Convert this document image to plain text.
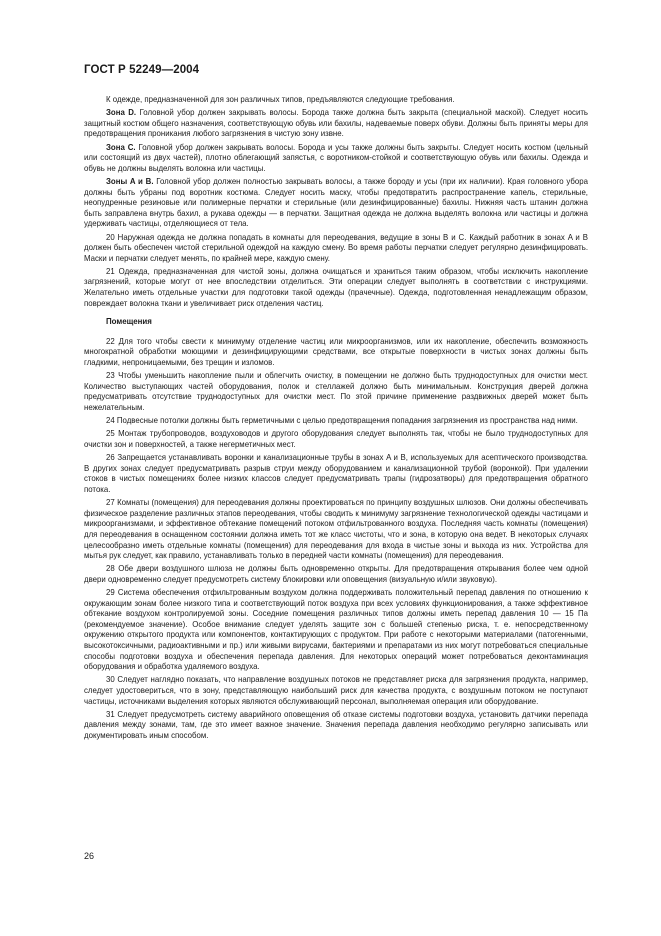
ГОСТ Р 52249—2004

К одежде, предназначенной для зон различных типов, предъявляются следующие требования.

Зона D. Головной убор должен закрывать волосы. Борода также должна быть закрыта (специальной маской). Следует носить защитный костюм общего назначения, соответствующую обувь или бахилы, надеваемые поверх обуви. Должны быть приняты меры для предотвращения проникания любого загрязнения в чистую зону извне.

Зона C. Головной убор должен закрывать волосы. Борода и усы также должны быть закрыты. Следует носить костюм (цельный или состоящий из двух частей), плотно облегающий запястья, с воротником-стойкой и соответствующую обувь или бахилы. Одежда и обувь не должны выделять волокна или частицы.

Зоны A и B. Головной убор должен полностью закрывать волосы, а также бороду и усы (при их наличии). Края головного убора должны быть убраны под воротник костюма. Следует носить маску, чтобы предотвратить распространение капель, стерильные, неопудренные резиновые или полимерные перчатки и стерильные (или дезинфицированные) бахилы. Нижняя часть штанин должна быть заправлена внутрь бахил, а рукава одежды — в перчатки. Защитная одежда не должна выделять волокна или частицы и должна удерживать частицы, отделяющиеся от тела.

20 Наружная одежда не должна попадать в комнаты для переодевания, ведущие в зоны B и C. Каждый работник в зонах A и B должен быть обеспечен чистой стерильной одеждой на каждую смену. Во время работы перчатки следует регулярно дезинфицировать. Маски и перчатки следует менять, по крайней мере, каждую смену.

21 Одежда, предназначенная для чистой зоны, должна очищаться и храниться таким образом, чтобы исключить накопление загрязнений, которые могут от нее впоследствии отделиться. Эти операции следует выполнять в соответствии с инструкциями. Желательно иметь отдельные участки для подготовки такой одежды (прачечные). Одежда, подготовленная ненадлежащим образом, повреждает волокна ткани и увеличивает риск отделения частиц.

Помещения

22 Для того чтобы свести к минимуму отделение частиц или микроорганизмов, или их накопление, обеспечить возможность многократной обработки моющими и дезинфицирующими средствами, все открытые поверхности в чистых зонах должны быть гладкими, непроницаемыми, без трещин и изломов.

23 Чтобы уменьшить накопление пыли и облегчить очистку, в помещении не должно быть труднодоступных для очистки мест. Количество выступающих частей оборудования, полок и стеллажей должно быть минимальным. Конструкция дверей должна предусматривать отсутствие труднодоступных для очистки мест. По этой причине применение раздвижных дверей может быть нежелательным.

24 Подвесные потолки должны быть герметичными с целью предотвращения попадания загрязнения из пространства над ними.

25 Монтаж трубопроводов, воздуховодов и другого оборудования следует выполнять так, чтобы не было труднодоступных для очистки зон и поверхностей, а также негерметичных мест.

26 Запрещается устанавливать воронки и канализационные трубы в зонах A и B, используемых для асептического производства. В других зонах следует предусматривать разрыв струи между оборудованием и канализационной трубой (воронкой). При удалении стоков в чистых помещениях более низких классов следует предусматривать трапы (гидрозатворы) для предотвращения обратного потока.

27 Комнаты (помещения) для переодевания должны проектироваться по принципу воздушных шлюзов. Они должны обеспечивать физическое разделение различных этапов переодевания, чтобы сводить к минимуму загрязнение технологической одежды частицами и микроорганизмами, и эффективное обтекание помещений потоком отфильтрованного воздуха. Последняя часть комнаты (помещения) для переодевания в оснащенном состоянии должна иметь тот же класс чистоты, что и зона, в которую она ведет. В некоторых случаях целесообразно иметь отдельные комнаты (помещения) для переодевания для входа в чистые зоны и выхода из них. Устройства для мытья рук следует, как правило, устанавливать только в передней части комнаты (помещения) для переодевания.

28 Обе двери воздушного шлюза не должны быть одновременно открыты. Для предотвращения открывания более чем одной двери одновременно следует предусмотреть систему блокировки или оповещения (визуальную и/или звуковую).

29 Система обеспечения отфильтрованным воздухом должна поддерживать положительный перепад давления по отношению к окружающим зонам более низкого типа и соответствующий поток воздуха при всех условиях функционирования, а также эффективное обтекание воздухом контролируемой зоны. Соседние помещения различных типов должны иметь перепад давления 10 — 15 Па (рекомендуемое значение). Особое внимание следует уделять защите зон с большей степенью риска, т. е. непосредственному окружению открытого продукта или компонентов, контактирующих с продуктом. При работе с некоторыми материалами (патогенными, высокотоксичными, радиоактивными и пр.) или живыми вирусами, бактериями и препаратами из них могут потребоваться специальные способы подготовки воздуха и обеспечения перепада давления. Для некоторых операций может потребоваться деконтаминация оборудования и обработка удаляемого воздуха.

30 Следует наглядно показать, что направление воздушных потоков не представляет риска для загрязнения продукта, например, следует удостовериться, что в зону, представляющую наибольший риск для качества продукта, с воздушным потоком не поступают частицы, источниками выделения которых являются обслуживающий персонал, выполняемая операция или оборудование.

31 Следует предусмотреть систему аварийного оповещения об отказе системы подготовки воздуха, установить датчики перепада давления между зонами, там, где это имеет важное значение. Значения перепада давления необходимо регулярно записывать или документировать иным способом.

26
